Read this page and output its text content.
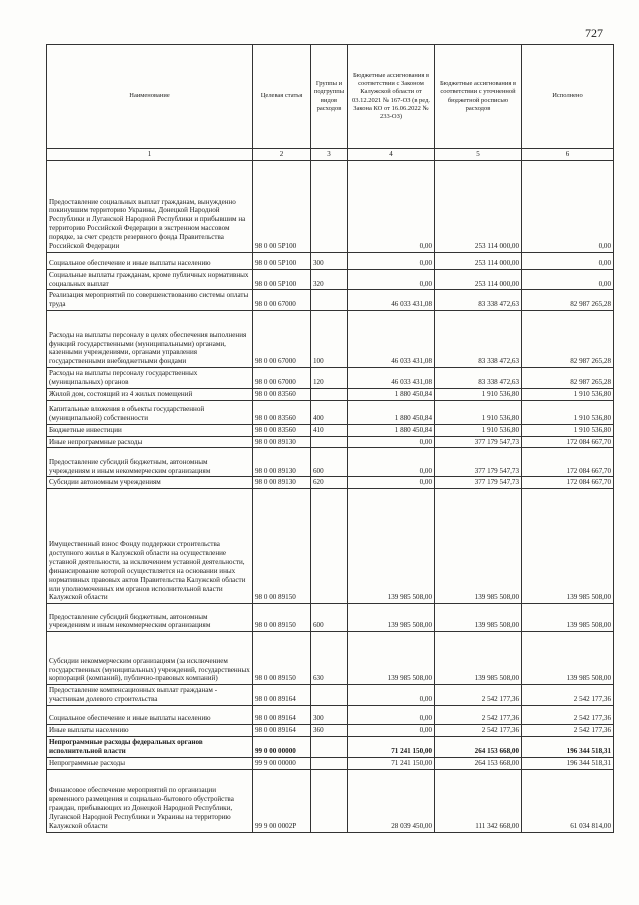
727
Наименование	Целевая статья	Группы и подгруппы видов расходов	Бюджетные ассигнования в соответствии с Законом Калужской области от 03.12.2021 № 167-ОЗ (в ред. Закона КО от 16.06.2022 № 233-ОЗ)	Бюджетные ассигнования в соответствии с уточненной бюджетной росписью расходов	Исполнено
1	2	3	4	5	6
Предоставление социальных выплат гражданам, вынужденно покинувшим территорию Украины, Донецкой Народной Республики и Луганской Народной Республики и прибывшим на территорию Российской Федерации в экстренном массовом порядке, за счет средств резервного фонда Правительства Российской Федерации	98 0 00 5P100		0,00	253 114 000,00	0,00
Социальное обеспечение и иные выплаты населению	98 0 00 5P100	300	0,00	253 114 000,00	0,00
Социальные выплаты гражданам, кроме публичных нормативных социальных выплат	98 0 00 5P100	320	0,00	253 114 000,00	0,00
Реализация мероприятий по совершенствованию системы оплаты труда	98 0 00 67000		46 033 431,08	83 338 472,63	82 987 265,28
Расходы на выплаты персоналу в целях обеспечения выполнения функций государственными (муниципальными) органами, казенными учреждениями, органами управления государственными внебюджетными фондами	98 0 00 67000	100	46 033 431,08	83 338 472,63	82 987 265,28
Расходы на выплаты персоналу государственных (муниципальных) органов	98 0 00 67000	120	46 033 431,08	83 338 472,63	82 987 265,28
Жилой дом, состоящий из 4 жилых помещений	98 0 00 83560		1 880 450,84	1 910 536,80	1 910 536,80
Капитальные вложения в объекты государственной (муниципальной) собственности	98 0 00 83560	400	1 880 450,84	1 910 536,80	1 910 536,80
Бюджетные инвестиции	98 0 00 83560	410	1 880 450,84	1 910 536,80	1 910 536,80
Иные непрограммные расходы	98 0 00 89130		0,00	377 179 547,73	172 084 667,70
Предоставление субсидий бюджетным, автономным учреждениям и иным некоммерческим организациям	98 0 00 89130	600	0,00	377 179 547,73	172 084 667,70
Субсидии автономным учреждениям	98 0 00 89130	620	0,00	377 179 547,73	172 084 667,70
Имущественный взнос Фонду поддержки строительства доступного жилья в Калужской области на осуществление уставной деятельности, за исключением уставной деятельности, финансирование которой осуществляется на основании иных нормативных правовых актов Правительства Калужской области или уполномоченных им органов исполнительной власти Калужской области	98 0 00 89150		139 985 508,00	139 985 508,00	139 985 508,00
Предоставление субсидий бюджетным, автономным учреждениям и иным некоммерческим организациям	98 0 00 89150	600	139 985 508,00	139 985 508,00	139 985 508,00
Субсидии некоммерческим организациям (за исключением государственных (муниципальных) учреждений, государственных корпораций (компаний), публично-правовых компаний)	98 0 00 89150	630	139 985 508,00	139 985 508,00	139 985 508,00
Предоставление компенсационных выплат гражданам - участникам долевого строительства	98 0 00 89164		0,00	2 542 177,36	2 542 177,36
Социальное обеспечение и иные выплаты населению	98 0 00 89164	300	0,00	2 542 177,36	2 542 177,36
Иные выплаты населению	98 0 00 89164	360	0,00	2 542 177,36	2 542 177,36
Непрограммные расходы федеральных органов исполнительной власти	99 0 00 00000		71 241 150,00	264 153 668,00	196 344 518,31
Непрограммные расходы	99 9 00 00000		71 241 150,00	264 153 668,00	196 344 518,31
Финансовое обеспечение мероприятий по организации временного размещения и социально-бытового обустройства граждан, прибывающих из Донецкой Народной Республики, Луганской Народной Республики и Украины на территорию Калужской области	99 9 00 0002P		28 039 450,00	111 342 668,00	61 034 814,00
